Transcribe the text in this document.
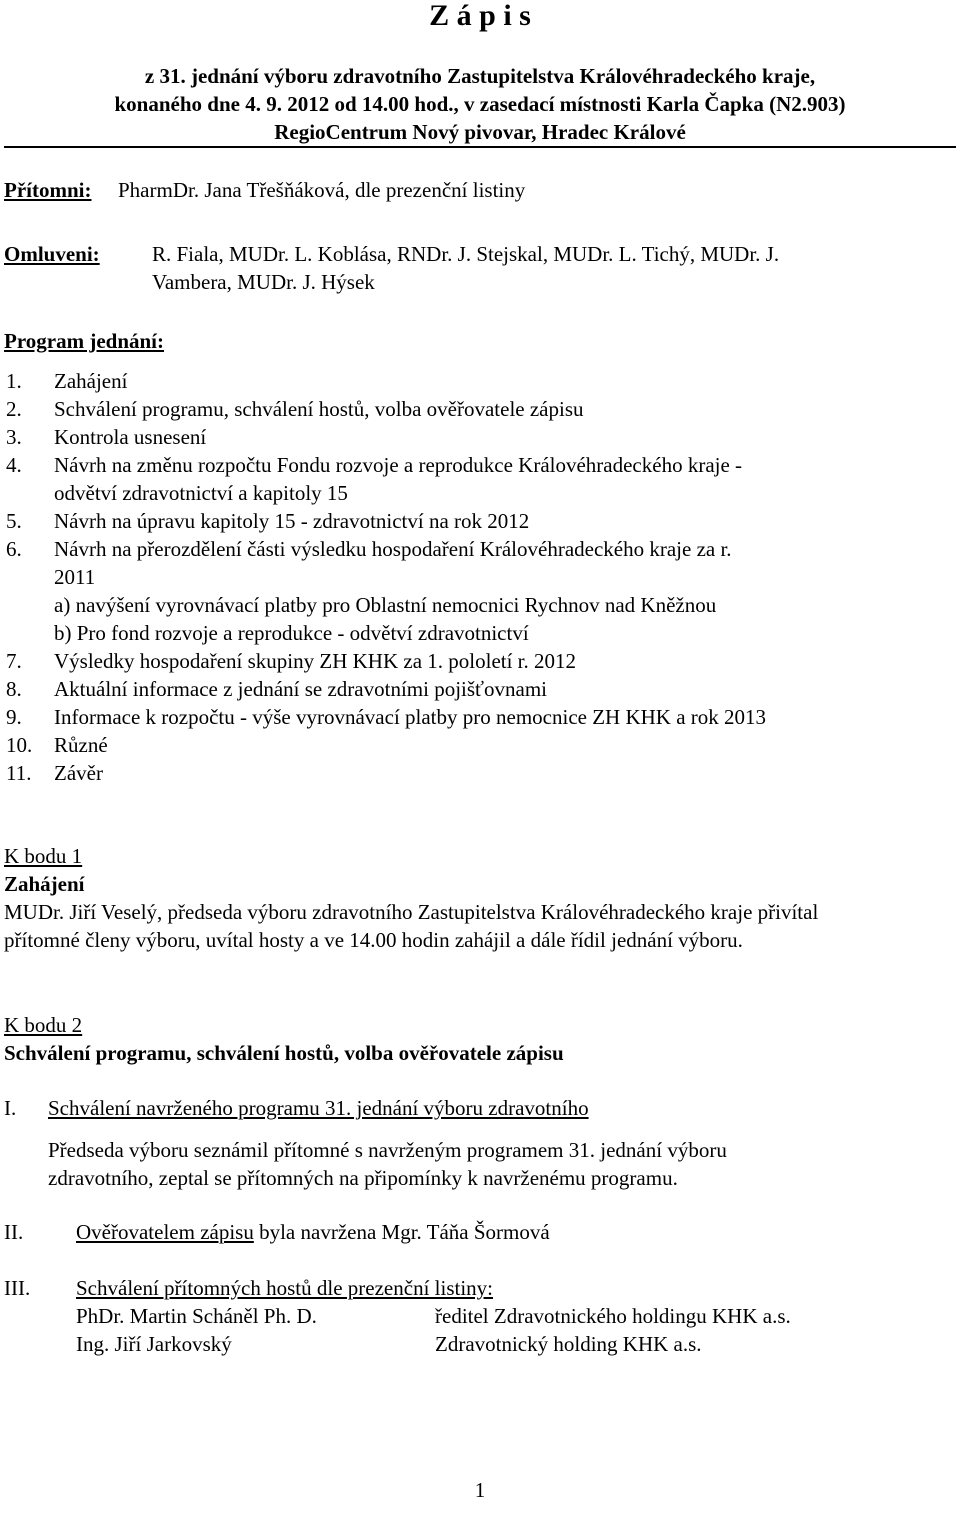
Z á p i s
z 31. jednání výboru zdravotního Zastupitelstva Královéhradeckého kraje,
konaného dne 4. 9. 2012 od 14.00 hod., v zasedací místnosti Karla Čapka (N2.903)
RegioCentrum Nový pivovar, Hradec Králové
Přítomni: PharmDr. Jana Třešňáková, dle prezenční listiny
Omluveni: R. Fiala, MUDr. L. Koblása, RNDr. J. Stejskal, MUDr. L. Tichý, MUDr. J.
Vambera, MUDr. J. Hýsek
Program jednání:
1. Zahájení
2. Schválení programu, schválení hostů, volba ověřovatele zápisu
3. Kontrola usnesení
4. Návrh na změnu rozpočtu Fondu rozvoje a reprodukce Královéhradeckého kraje -
odvětví zdravotnictví a kapitoly 15
5. Návrh na úpravu kapitoly 15 - zdravotnictví na rok 2012
6. Návrh na přerozdělení části výsledku hospodaření Královéhradeckého kraje za r.
2011
a) navýšení vyrovnávací platby pro Oblastní nemocnici Rychnov nad Kněžnou
b) Pro fond rozvoje a reprodukce - odvětví zdravotnictví
7. Výsledky hospodaření skupiny ZH KHK za 1. pololetí r. 2012
8. Aktuální informace z jednání se zdravotními pojišťovnami
9. Informace k rozpočtu - výše vyrovnávací platby pro nemocnice ZH KHK a rok 2013
10. Různé
11. Závěr
K bodu 1
Zahájení
MUDr. Jiří Veselý, předseda výboru zdravotního Zastupitelstva Královéhradeckého kraje přivítal
přítomné členy výboru, uvítal hosty a ve 14.00 hodin zahájil a dále řídil jednání výboru.
K bodu 2
Schválení programu, schválení hostů, volba ověřovatele zápisu
I. Schválení navrženého programu 31. jednání výboru zdravotního
Předseda výboru seznámil přítomné s navrženým programem 31. jednání výboru
zdravotního, zeptal se přítomných na připomínky k navrženému programu.
II.	Ověřovatelem zápisu byla navržena Mgr. Táňa Šormová
III. Schválení přítomných hostů dle prezenční listiny:
PhDr. Martin Scháněl Ph. D.	ředitel Zdravotnického holdingu KHK a.s.
Ing. Jiří Jarkovský	Zdravotnický holding KHK a.s.
1
